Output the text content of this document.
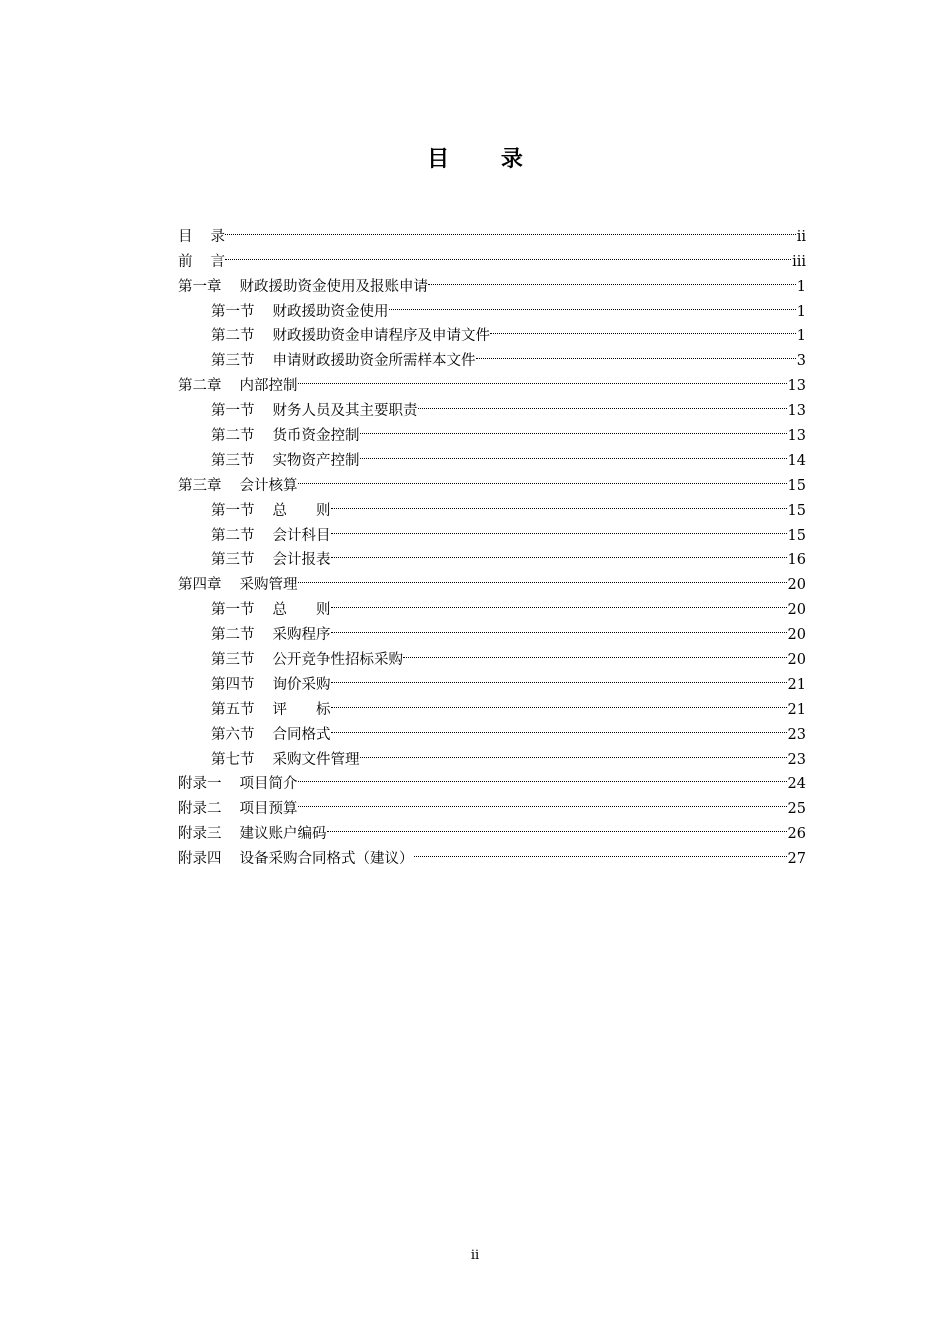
目 录
目 录	ii
前 言	iii
第一章 财政援助资金使用及报账申请	1
第一节 财政援助资金使用	1
第二节 财政援助资金申请程序及申请文件	1
第三节 申请财政援助资金所需样本文件	3
第二章 内部控制	13
第一节 财务人员及其主要职责	13
第二节 货币资金控制	13
第三节 实物资产控制	14
第三章 会计核算	15
第一节 总　　则	15
第二节 会计科目	15
第三节 会计报表	16
第四章 采购管理	20
第一节 总　　则	20
第二节 采购程序	20
第三节 公开竞争性招标采购	20
第四节 询价采购	21
第五节 评　　标	21
第六节 合同格式	23
第七节 采购文件管理	23
附录一 项目简介	24
附录二 项目预算	25
附录三 建议账户编码	26
附录四 设备采购合同格式（建议）	27
ii
